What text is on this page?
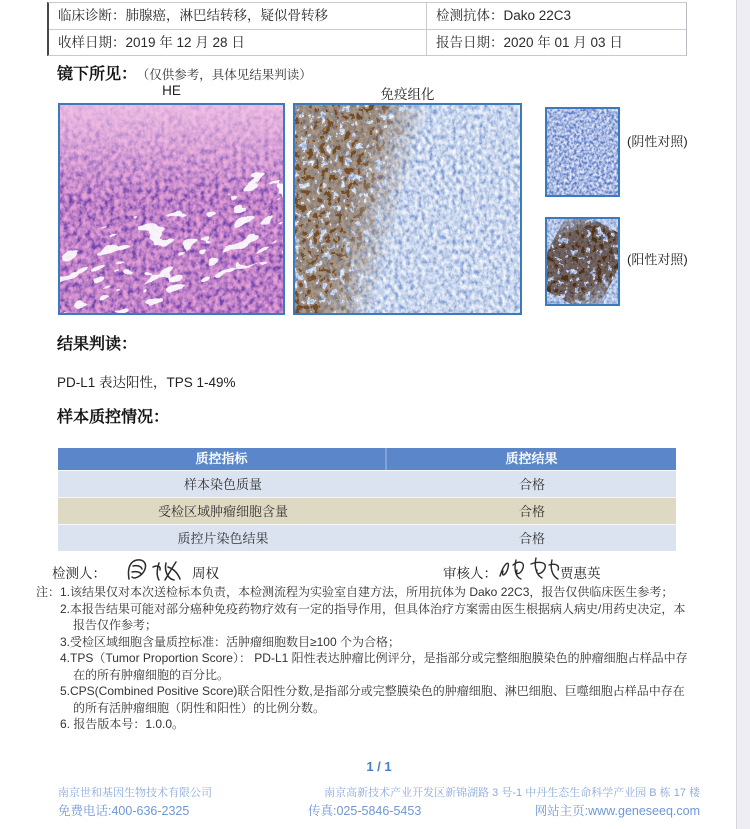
临床诊断：肺腺癌，淋巴结转移，疑似骨转移	检测抗体：Dako 22C3
收样日期：2019 年 12 月 28 日	报告日期：2020 年 01 月 03 日
镜下所见： （仅供参考，具体见结果判读）
HE	免疫组化
(阴性对照)
(阳性对照)
结果判读：
PD-L1 表达阳性，TPS 1-49%
样本质控情况：
质控指标	质控结果
样本染色质量	合格
受检区域肿瘤细胞含量	合格
质控片染色结果	合格
检测人：	周权	审核人：	贾惠英
注： 1.该结果仅对本次送检标本负责，本检测流程为实验室自建方法，所用抗体为 Dako 22C3，报告仅供临床医生参考；
2.本报告结果可能对部分癌种免疫药物疗效有一定的指导作用，但具体治疗方案需由医生根据病人病史/用药史决定，本报告仅作参考；
3.受检区域细胞含量质控标准：活肿瘤细胞数目≥100 个为合格；
4.TPS（Tumor Proportion Score）： PD-L1 阳性表达肿瘤比例评分，是指部分或完整细胞膜染色的肿瘤细胞占样品中存在的所有肿瘤细胞的百分比。
5.CPS(Combined Positive Score)联合阳性分数,是指部分或完整膜染色的肿瘤细胞、淋巴细胞、巨噬细胞占样品中存在的所有活肿瘤细胞（阴性和阳性）的比例分数。
6. 报告版本号：1.0.0。
1 / 1
南京世和基因生物技术有限公司	南京高新技术产业开发区新锦湖路 3 号-1 中丹生态生命科学产业园 B 栋 17 楼
免费电话:400-636-2325	传真:025-5846-5453	网站主页:www.geneseeq.com
